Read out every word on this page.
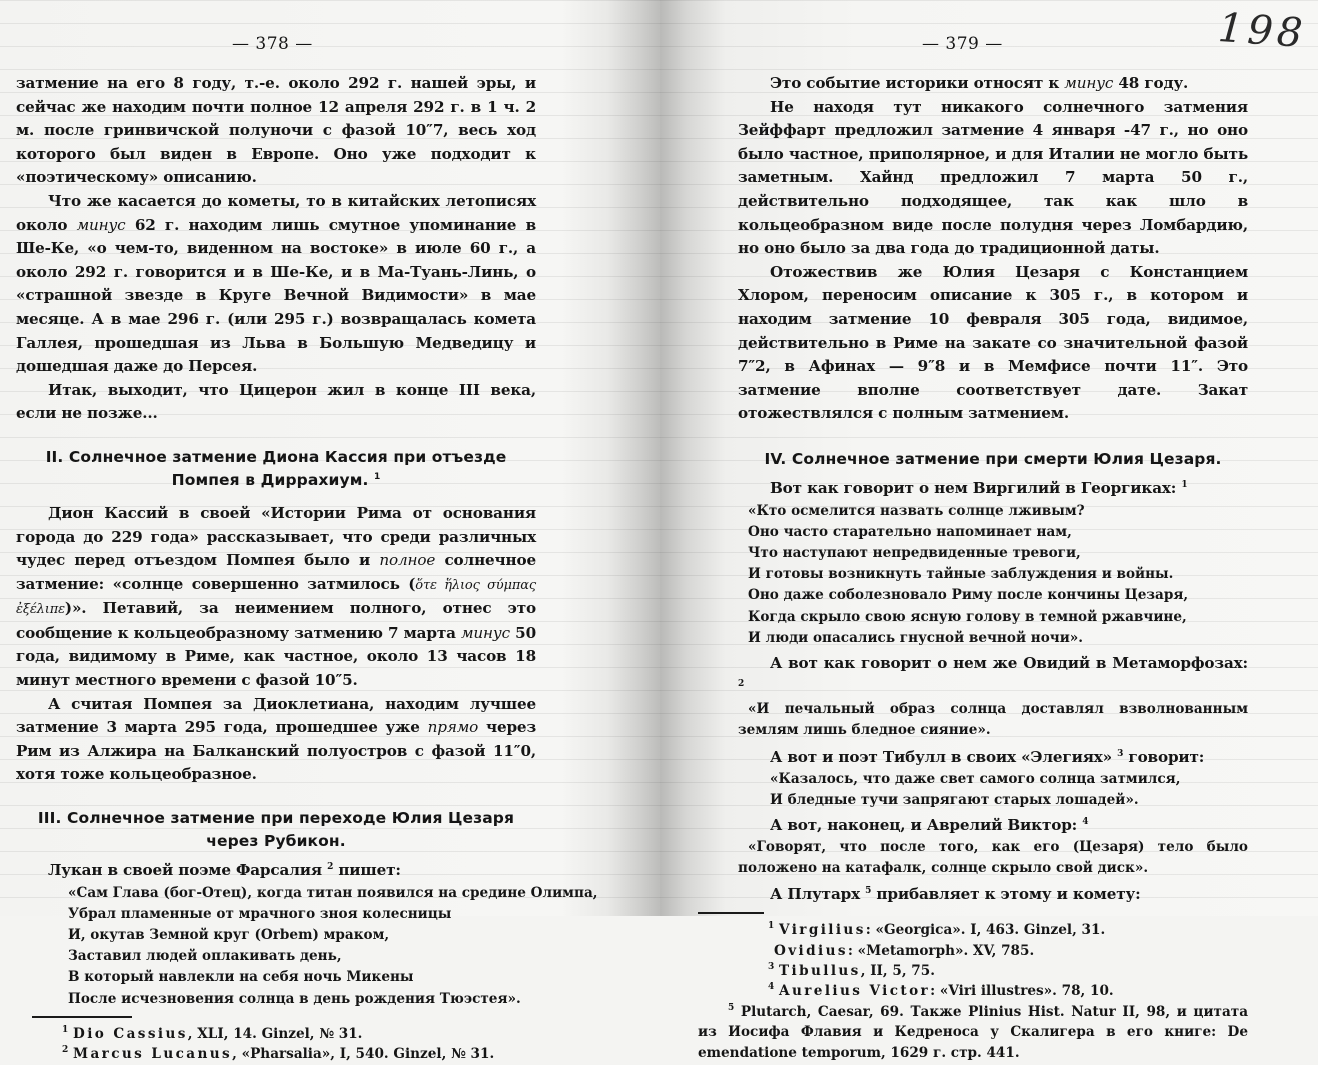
— 378 —

затмение на его 8 году, т.-е. около 292 г. нашей эры, и сейчас же находим почти полное 12 апреля 292 г. в 1 ч. 2 м. после гринвичской полуночи с фазой 10″7, весь ход которого был виден в Европе. Оно уже подходит к «поэтическому» описанию.

Что же касается до кометы, то в китайских летописях около минус 62 г. находим лишь смутное упоминание в Ше-Ке, «о чем-то, виденном на востоке» в июле 60 г., а около 292 г. говорится и в Ше-Ке, и в Ма-Туань-Линь, о «страшной звезде в Круге Вечной Видимости» в мае месяце. А в мае 296 г. (или 295 г.) возвращалась комета Галлея, прошедшая из Льва в Большую Медведицу и дошедшая даже до Персея.

Итак, выходит, что Цицерон жил в конце III века, если не позже...

II. Солнечное затмение Диона Кассия при отъезде Помпея в Диррахиум. $^1$

Дион Кассий в своей «Истории Рима от основания города до 229 года» рассказывает, что среди различных чудес перед отъездом Помпея было и полное солнечное затмение: «солнце совершенно затмилось (ὅτε ἥλιος σύμπας ἐξέλιπε)». Петавий, за неимением полного, отнес это сообщение к кольцеобразному затмению 7 марта минус 50 года, видимому в Риме, как частное, около 13 часов 18 минут местного времени с фазой 10″5.

А считая Помпея за Диоклетиана, находим лучшее затмение 3 марта 295 года, прошедшее уже прямо через Рим из Алжира на Балканский полуостров с фазой 11″0, хотя тоже кольцеобразное.

III. Солнечное затмение при переходе Юлия Цезаря через Рубикон.

Лукан в своей поэме Фарсалия $^2$ пишет:

«Сам Глава (бог-Отец), когда титан появился на средине Олимпа,
Убрал пламенные от мрачного зноя колесницы
И, окутав Земной круг (Orbem) мраком,
Заставил людей оплакивать день,
В который навлекли на себя ночь Микены
После исчезновения солнца в день рождения Тюэстея».
$^1$ Dio Cassius, XLI, 14. Ginzel, № 31.
$^2$ Marcus Lucanus, «Pharsalia», I, 540. Ginzel, № 31.
198
— 379 —

Это событие историки относят к минус 48 году.

Не находя тут никакого солнечного затмения Зейффарт предложил затмение 4 января -47 г., но оно было частное, приполярное, и для Италии не могло быть заметным. Хайнд предложил 7 марта 50 г., действительно подходящее, так как шло в кольцеобразном виде после полудня через Ломбардию, но оно было за два года до традиционной даты.

Отожествив же Юлия Цезаря с Констанцием Хлором, переносим описание к 305 г., в котором и находим затмение 10 февраля 305 года, видимое, действительно в Риме на закате со значительной фазой 7″2, в Афинах — 9″8 и в Мемфисе почти 11″. Это затмение вполне соответствует дате. Закат отожествлялся с полным затмением.

IV. Солнечное затмение при смерти Юлия Цезаря.

Вот как говорит о нем Виргилий в Георгиках: $^1$

«Кто осмелится назвать солнце лживым?
Оно часто старательно напоминает нам,
Что наступают непредвиденные тревоги,
И готовы возникнуть тайные заблуждения и войны.
Оно даже соболезновало Риму после кончины Цезаря,
Когда скрыло свою ясную голову в темной ржавчине,
И люди опасались гнусной вечной ночи».

А вот как говорит о нем же Овидий в Метаморфозах: $^2$

«И печальный образ солнца доставлял взволнованным землям лишь бледное сияние».

А вот и поэт Тибулл в своих «Элегиях» $^3$ говорит:

«Казалось, что даже свет самого солнца затмился,
И бледные тучи запрягают старых лошадей».

А вот, наконец, и Аврелий Виктор: $^4$

«Говорят, что после того, как его (Цезаря) тело было положено на катафалк, солнце скрыло свой диск».

А Плутарх $^5$ прибавляет к этому и комету:

$^1$ Virgilius: «Georgica». I, 463. Ginzel, 31.
Ovidius: «Metamorph». XV, 785.
$^3$ Tibullus, II, 5, 75.
$^4$ Aurelius Victor: «Viri illustres». 78, 10.
$^5$ Plutarch, Caesar, 69. Также Plinius Hist. Natur II, 98, и цитата из Иосифа Флавия и Кедреноса у Скалигера в его книге: De emendatione temporum, 1629 г. стр. 441.
